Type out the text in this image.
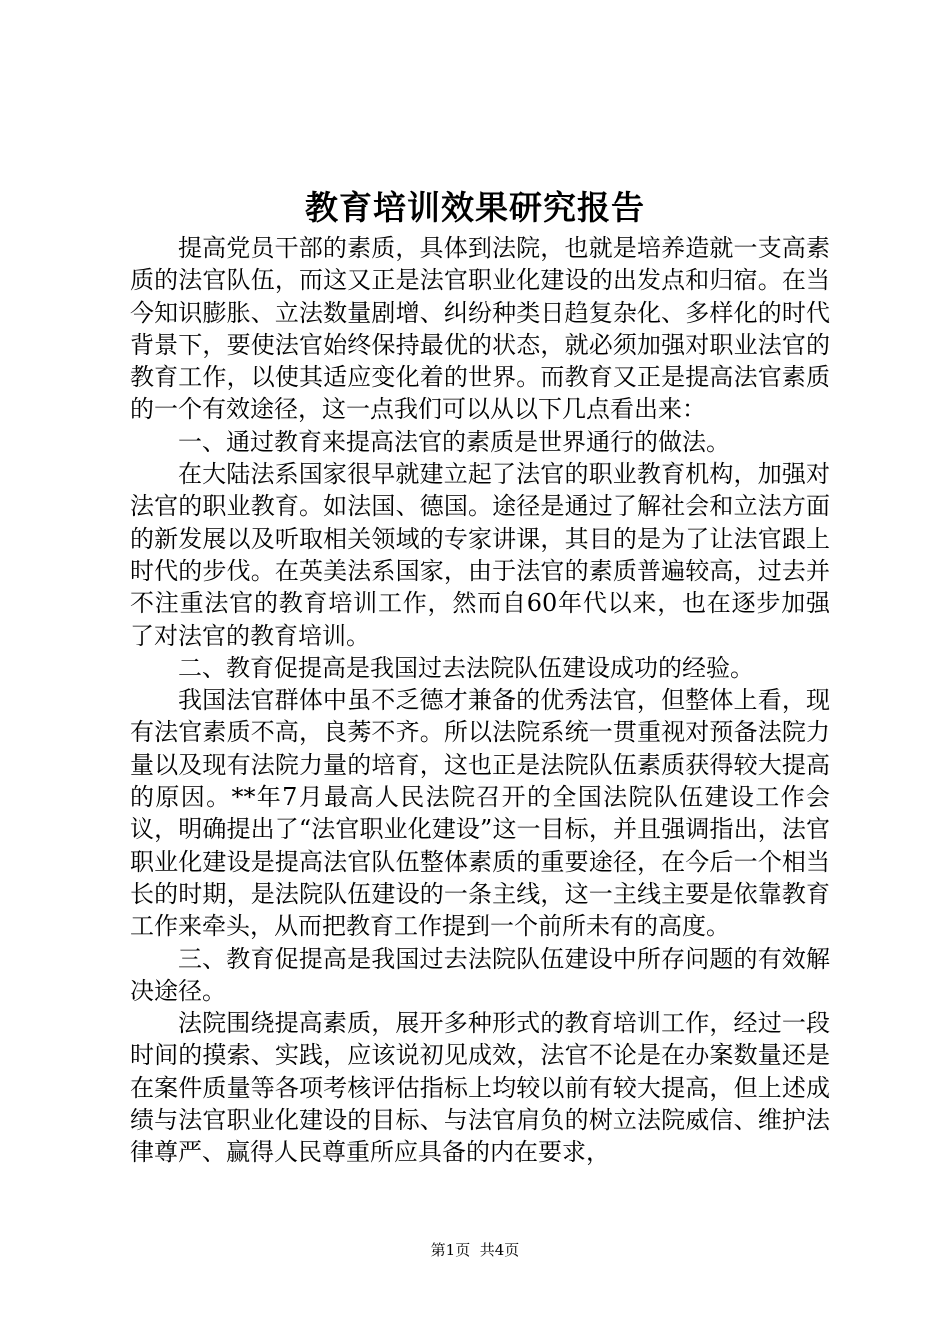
教育培训效果研究报告

提高党员干部的素质，具体到法院，也就是培养造就一支高素质的法官队伍，而这又正是法官职业化建设的出发点和归宿。在当今知识膨胀、立法数量剧增、纠纷种类日趋复杂化、多样化的时代背景下，要使法官始终保持最优的状态，就必须加强对职业法官的教育工作，以使其适应变化着的世界。而教育又正是提高法官素质的一个有效途径，这一点我们可以从以下几点看出来：

一、通过教育来提高法官的素质是世界通行的做法。

在大陆法系国家很早就建立起了法官的职业教育机构，加强对法官的职业教育。如法国、德国。途径是通过了解社会和立法方面的新发展以及听取相关领域的专家讲课，其目的是为了让法官跟上时代的步伐。在英美法系国家，由于法官的素质普遍较高，过去并不注重法官的教育培训工作，然而自60年代以来，也在逐步加强了对法官的教育培训。

二、教育促提高是我国过去法院队伍建设成功的经验。

我国法官群体中虽不乏德才兼备的优秀法官，但整体上看，现有法官素质不高，良莠不齐。所以法院系统一贯重视对预备法院力量以及现有法院力量的培育，这也正是法院队伍素质获得较大提高的原因。**年7月最高人民法院召开的全国法院队伍建设工作会议，明确提出了“法官职业化建设”这一目标，并且强调指出，法官职业化建设是提高法官队伍整体素质的重要途径，在今后一个相当长的时期，是法院队伍建设的一条主线，这一主线主要是依靠教育工作来牵头，从而把教育工作提到一个前所未有的高度。

三、教育促提高是我国过去法院队伍建设中所存问题的有效解决途径。

法院围绕提高素质，展开多种形式的教育培训工作，经过一段时间的摸索、实践，应该说初见成效，法官不论是在办案数量还是在案件质量等各项考核评估指标上均较以前有较大提高，但上述成绩与法官职业化建设的目标、与法官肩负的树立法院威信、维护法律尊严、赢得人民尊重所应具备的内在要求，

第1页 共4页
